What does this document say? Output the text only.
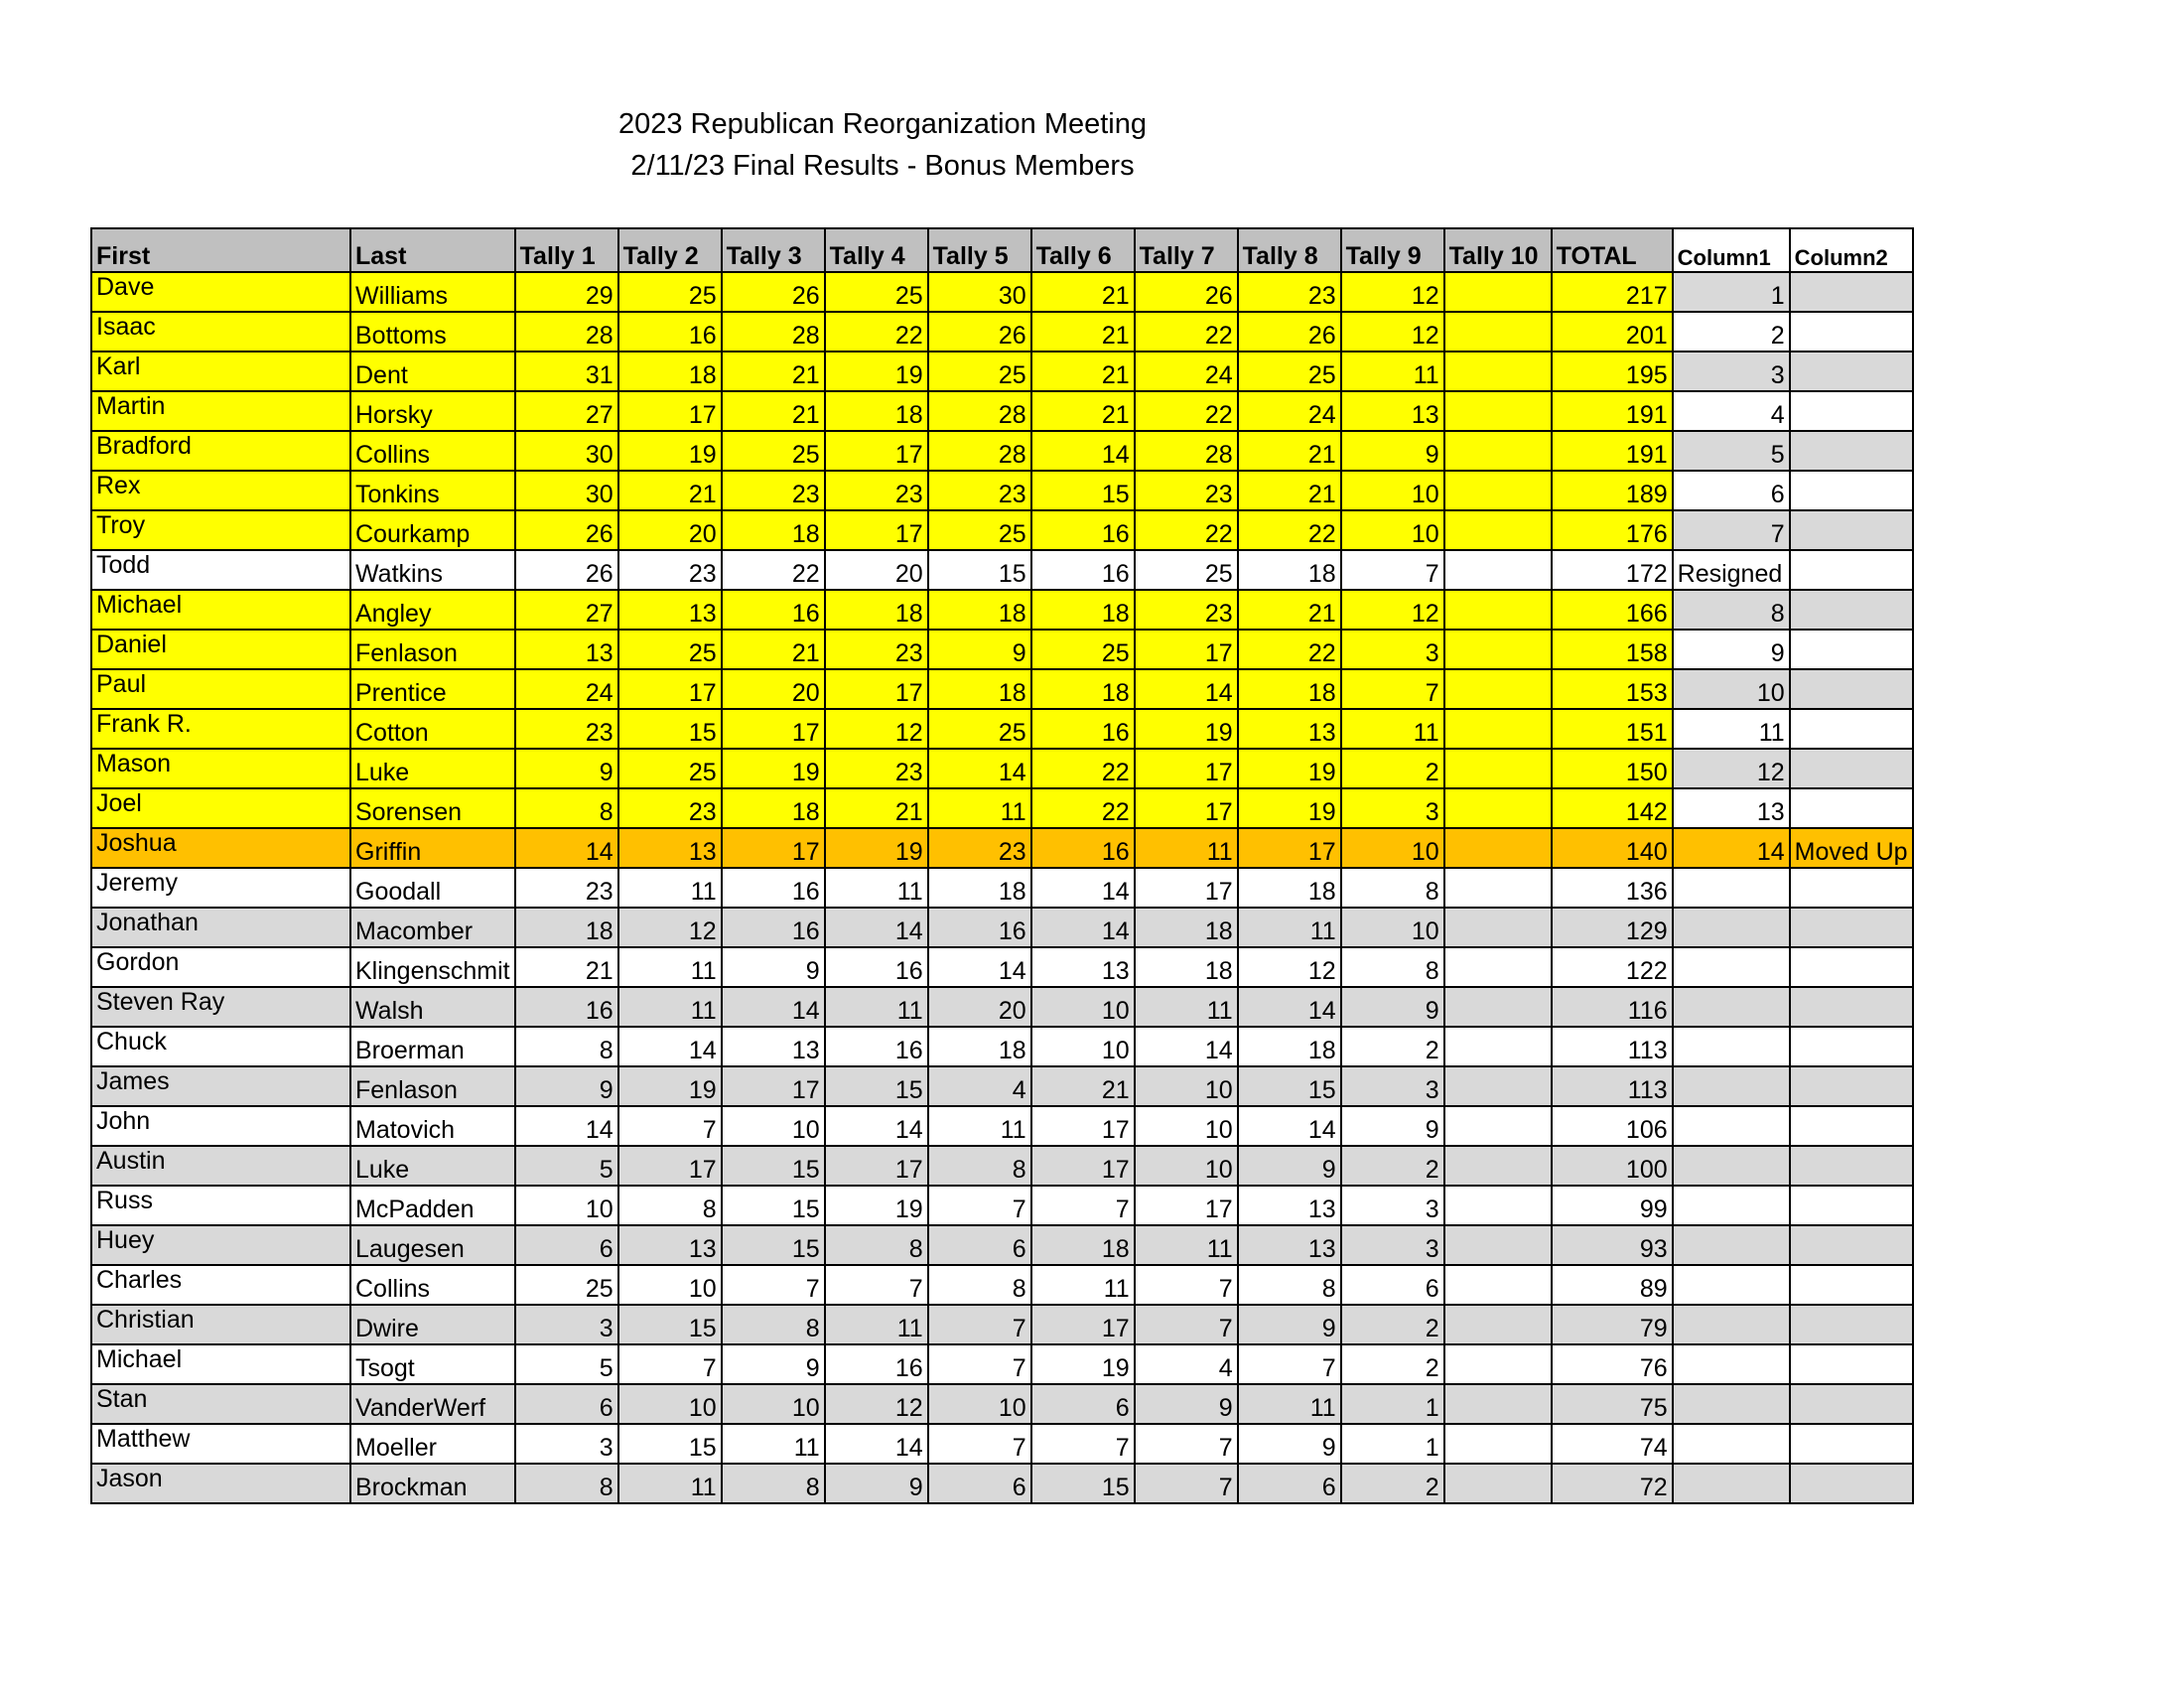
2023 Republican Reorganization Meeting
2/11/23 Final Results - Bonus Members
First	Last	Tally 1	Tally 2	Tally 3	Tally 4	Tally 5	Tally 6	Tally 7	Tally 8	Tally 9	Tally 10	TOTAL	Column1	Column2
Dave	Williams	29	25	26	25	30	21	26	23	12		217	1	
Isaac	Bottoms	28	16	28	22	26	21	22	26	12		201	2	
Karl	Dent	31	18	21	19	25	21	24	25	11		195	3	
Martin	Horsky	27	17	21	18	28	21	22	24	13		191	4	
Bradford	Collins	30	19	25	17	28	14	28	21	9		191	5	
Rex	Tonkins	30	21	23	23	23	15	23	21	10		189	6	
Troy	Courkamp	26	20	18	17	25	16	22	22	10		176	7	
Todd	Watkins	26	23	22	20	15	16	25	18	7		172	Resigned	
Michael	Angley	27	13	16	18	18	18	23	21	12		166	8	
Daniel	Fenlason	13	25	21	23	9	25	17	22	3		158	9	
Paul	Prentice	24	17	20	17	18	18	14	18	7		153	10	
Frank R.	Cotton	23	15	17	12	25	16	19	13	11		151	11	
Mason	Luke	9	25	19	23	14	22	17	19	2		150	12	
Joel	Sorensen	8	23	18	21	11	22	17	19	3		142	13	
Joshua	Griffin	14	13	17	19	23	16	11	17	10		140	14	Moved Up
Jeremy	Goodall	23	11	16	11	18	14	17	18	8		136		
Jonathan	Macomber	18	12	16	14	16	14	18	11	10		129		
Gordon	Klingenschmit	21	11	9	16	14	13	18	12	8		122		
Steven Ray	Walsh	16	11	14	11	20	10	11	14	9		116		
Chuck	Broerman	8	14	13	16	18	10	14	18	2		113		
James	Fenlason	9	19	17	15	4	21	10	15	3		113		
John	Matovich	14	7	10	14	11	17	10	14	9		106		
Austin	Luke	5	17	15	17	8	17	10	9	2		100		
Russ	McPadden	10	8	15	19	7	7	17	13	3		99		
Huey	Laugesen	6	13	15	8	6	18	11	13	3		93		
Charles	Collins	25	10	7	7	8	11	7	8	6		89		
Christian	Dwire	3	15	8	11	7	17	7	9	2		79		
Michael	Tsogt	5	7	9	16	7	19	4	7	2		76		
Stan	VanderWerf	6	10	10	12	10	6	9	11	1		75		
Matthew	Moeller	3	15	11	14	7	7	7	9	1		74		
Jason	Brockman	8	11	8	9	6	15	7	6	2		72		
